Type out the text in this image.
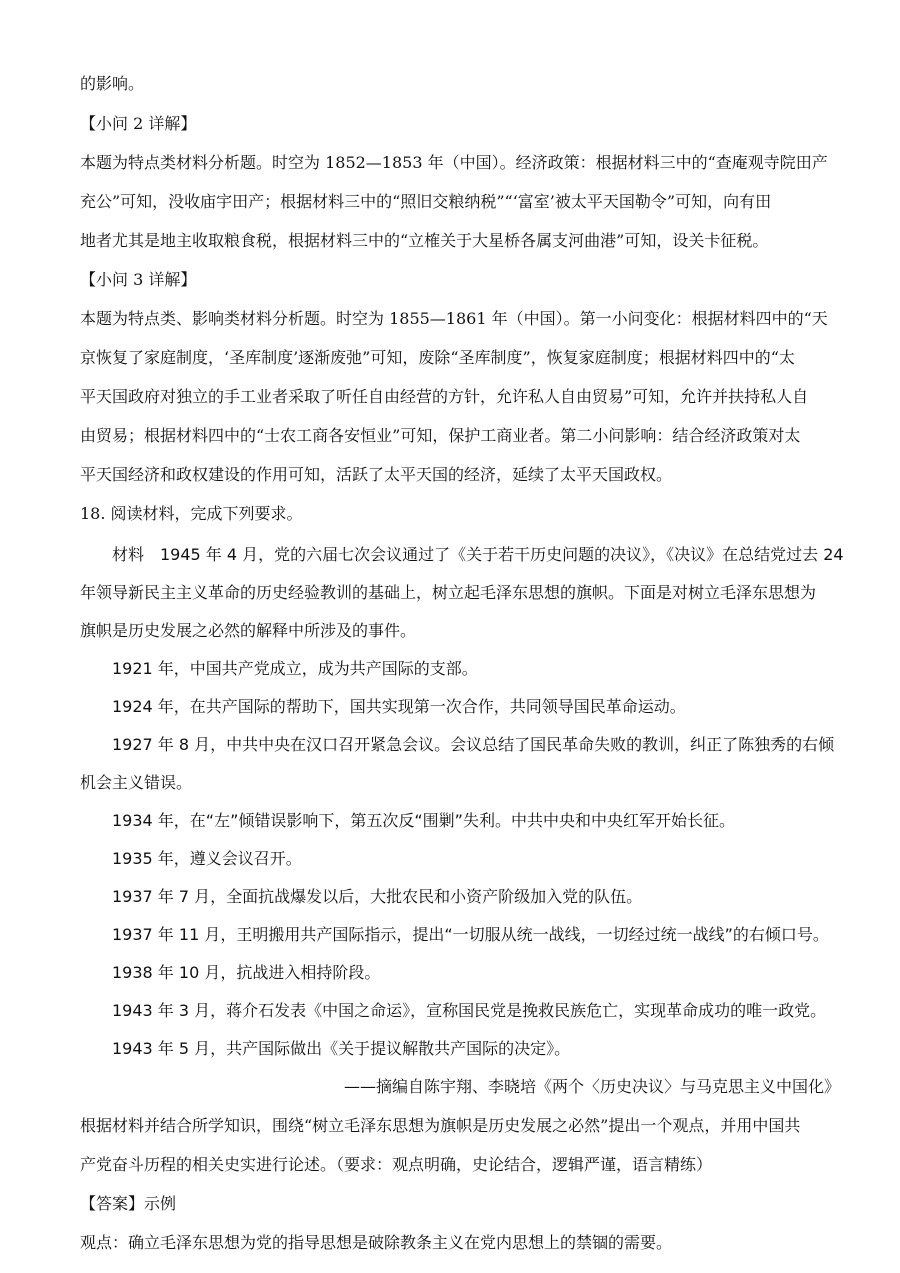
的影响。
【小问 2 详解】
本题为特点类材料分析题。时空为 1852—1853 年（中国）。经济政策：根据材料三中的“查庵观寺院田产
充公”可知，没收庙宇田产；根据材料三中的“照旧交粮纳税”“‘富室’被太平天国勒令”可知，向有田
地者尤其是地主收取粮食税，根据材料三中的“立榷关于大星桥各属支河曲港”可知，设关卡征税。
【小问 3 详解】
本题为特点类、影响类材料分析题。时空为 1855—1861 年（中国）。第一小问变化：根据材料四中的“天
京恢复了家庭制度，‘圣库制度’逐渐废弛”可知，废除“圣库制度”，恢复家庭制度；根据材料四中的“太
平天国政府对独立的手工业者采取了听任自由经营的方针，允许私人自由贸易”可知，允许并扶持私人自
由贸易；根据材料四中的“士农工商各安恒业”可知，保护工商业者。第二小问影响：结合经济政策对太
平天国经济和政权建设的作用可知，活跃了太平天国的经济，延续了太平天国政权。
18. 阅读材料，完成下列要求。
材料　1945 年 4 月，党的六届七次会议通过了《关于若干历史问题的决议》，《决议》在总结党过去 24
年领导新民主主义革命的历史经验教训的基础上，树立起毛泽东思想的旗帜。下面是对树立毛泽东思想为
旗帜是历史发展之必然的解释中所涉及的事件。
1921 年，中国共产党成立，成为共产国际的支部。
1924 年，在共产国际的帮助下，国共实现第一次合作，共同领导国民革命运动。
1927 年 8 月，中共中央在汉口召开紧急会议。会议总结了国民革命失败的教训，纠正了陈独秀的右倾
机会主义错误。
1934 年，在“左”倾错误影响下，第五次反“围剿”失利。中共中央和中央红军开始长征。
1935 年，遵义会议召开。
1937 年 7 月，全面抗战爆发以后，大批农民和小资产阶级加入党的队伍。
1937 年 11 月，王明搬用共产国际指示，提出“一切服从统一战线，一切经过统一战线”的右倾口号。
1938 年 10 月，抗战进入相持阶段。
1943 年 3 月，蒋介石发表《中国之命运》，宣称国民党是挽救民族危亡，实现革命成功的唯一政党。
1943 年 5 月，共产国际做出《关于提议解散共产国际的决定》。
——摘编自陈宇翔、李晓培《两个〈历史决议〉与马克思主义中国化》
根据材料并结合所学知识，围绕“树立毛泽东思想为旗帜是历史发展之必然”提出一个观点，并用中国共
产党奋斗历程的相关史实进行论述。（要求：观点明确，史论结合，逻辑严谨，语言精练）
【答案】示例
观点：确立毛泽东思想为党的指导思想是破除教条主义在党内思想上的禁锢的需要。
